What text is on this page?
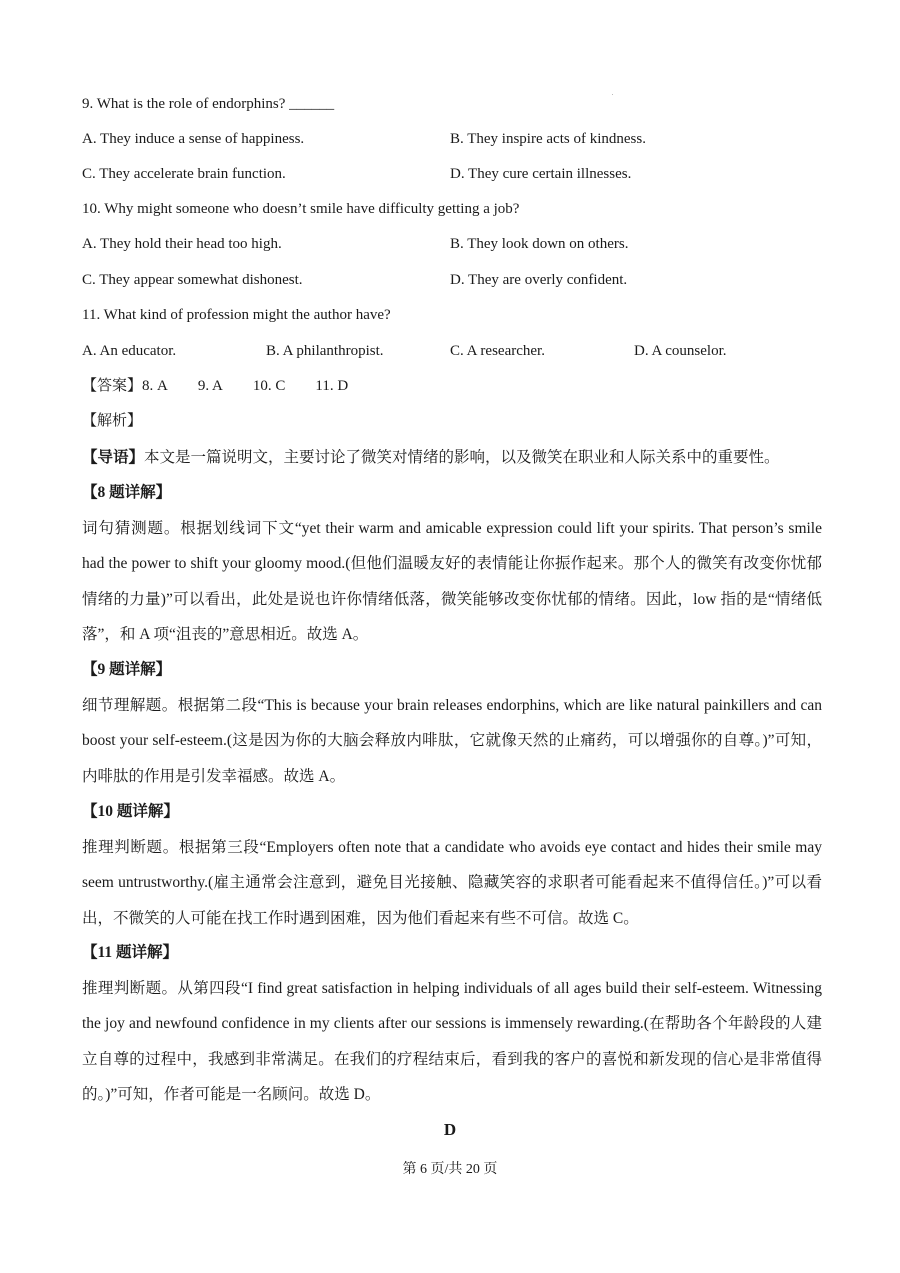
9. What is the role of endorphins? ______
A. They induce a sense of happiness.	B. They inspire acts of kindness.
C. They accelerate brain function.	D. They cure certain illnesses.
10. Why might someone who doesn’t smile have difficulty getting a job?
A. They hold their head too high.	B. They look down on others.
C. They appear somewhat dishonest.	D. They are overly confident.
11. What kind of profession might the author have?
A. An educator.	B. A philanthropist.	C. A researcher.	D. A counselor.
【答案】8. A 9. A 10. C 11. D
【解析】
【导语】本文是一篇说明文，主要讨论了微笑对情绪的影响，以及微笑在职业和人际关系中的重要性。
【8 题详解】
词句猜测题。根据划线词下文“yet their warm and amicable expression could lift your spirits. That person’s smile had the power to shift your gloomy mood.(但他们温暖友好的表情能让你振作起来。那个人的微笑有改变你忧郁情绪的力量)”可以看出，此处是说也许你情绪低落，微笑能够改变你忧郁的情绪。因此，low 指的是“情绪低落”，和 A 项“沮丧的”意思相近。故选 A。
【9 题详解】
细节理解题。根据第二段“This is because your brain releases endorphins, which are like natural painkillers and can boost your self-esteem.(这是因为你的大脑会释放内啡肽，它就像天然的止痛药，可以增强你的自尊。)”可知，内啡肽的作用是引发幸福感。故选 A。
【10 题详解】
推理判断题。根据第三段“Employers often note that a candidate who avoids eye contact and hides their smile may seem untrustworthy.(雇主通常会注意到，避免目光接触、隐藏笑容的求职者可能看起来不值得信任。)”可以看出，不微笑的人可能在找工作时遇到困难，因为他们看起来有些不可信。故选 C。
【11 题详解】
推理判断题。从第四段“I find great satisfaction in helping individuals of all ages build their self-esteem. Witnessing the joy and newfound confidence in my clients after our sessions is immensely rewarding.(在帮助各个年龄段的人建立自尊的过程中，我感到非常满足。在我们的疗程结束后，看到我的客户的喜悦和新发现的信心是非常值得的。)”可知，作者可能是一名顾问。故选 D。
D
第 6 页/共 20 页
